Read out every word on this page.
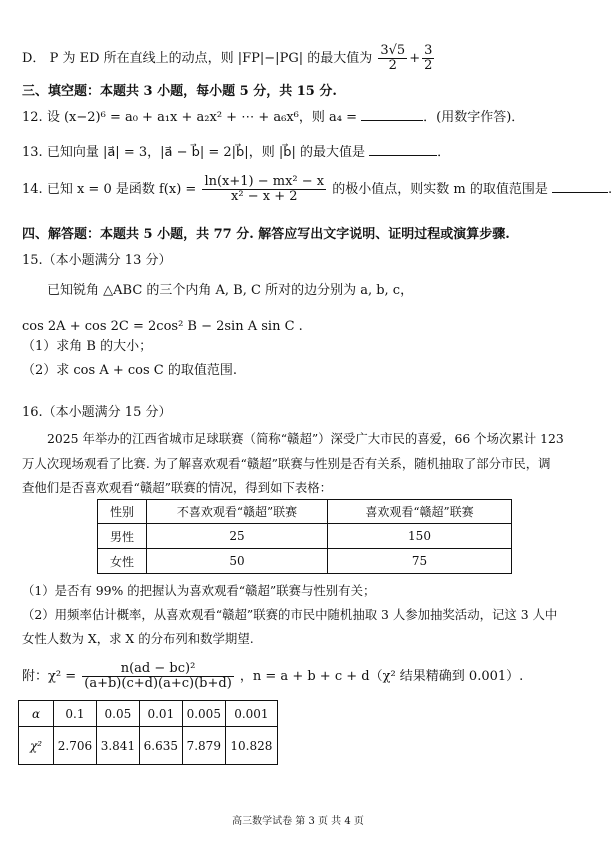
D． P 为 ED 所在直线上的动点，则 |FP|−|PG| 的最大值为 $\frac{3√5}{2} + \frac{3}{2}$
三、填空题：本题共 3 小题，每小题 5 分，共 15 分.
12. 设 (x−2)⁶ = a₀ + a₁x + a₂x² + ⋯ + a₆x⁶，则 a₄ =	．(用数字作答)．
13. 已知向量 |a⃗| = 3，|a⃗ − b⃗| = 2|b⃗|，则 |b⃗| 的最大值是	．
14. 已知 x = 0 是函数 $f(x) = \frac{\text{ln(x+1) − mx² − x}}{\text{x² − x + 2}}$ 的极小值点，则实数 m 的取值范围是	.
四、解答题：本题共 5 小题，共 77 分. 解答应写出文字说明、证明过程或演算步骤.
15.（本小题满分 13 分）
已知锐角 △ABC 的三个内角 A, B, C 所对的边分别为 a, b, c，
cos 2A + cos 2C = 2cos² B − 2sin A sin C .
（1）求角 B 的大小；
（2）求 cos A + cos C 的取值范围.
16.（本小题满分 15 分）
2025 年举办的江西省城市足球联赛（简称“赣超”）深受广大市民的喜爱，66 个场次累计 123
万人次现场观看了比赛. 为了解喜欢观看“赣超”联赛与性别是否有关系，随机抽取了部分市民，调
查他们是否喜欢观看“赣超”联赛的情况，得到如下表格：
性别	不喜欢观看“赣超”联赛	喜欢观看“赣超”联赛
男性	25	150
女性	50	75
（1）是否有 99% 的把握认为喜欢观看“赣超”联赛与性别有关；
（2）用频率估计概率，从喜欢观看“赣超”联赛的市民中随机抽取 3 人参加抽奖活动，记这 3 人中
女性人数为 X，求 X 的分布列和数学期望.
附：$\chi^2 = \frac{\text{n(ad − bc)²}}{(a+b)(c+d)(a+c)(b+d)}$ ，n = a + b + c + d（χ² 结果精确到 0.001）.
α	0.1	0.05	0.01	0.005	0.001
χ²	2.706	3.841	6.635	7.879	10.828
高三数学试卷 第 3 页 共 4 页
